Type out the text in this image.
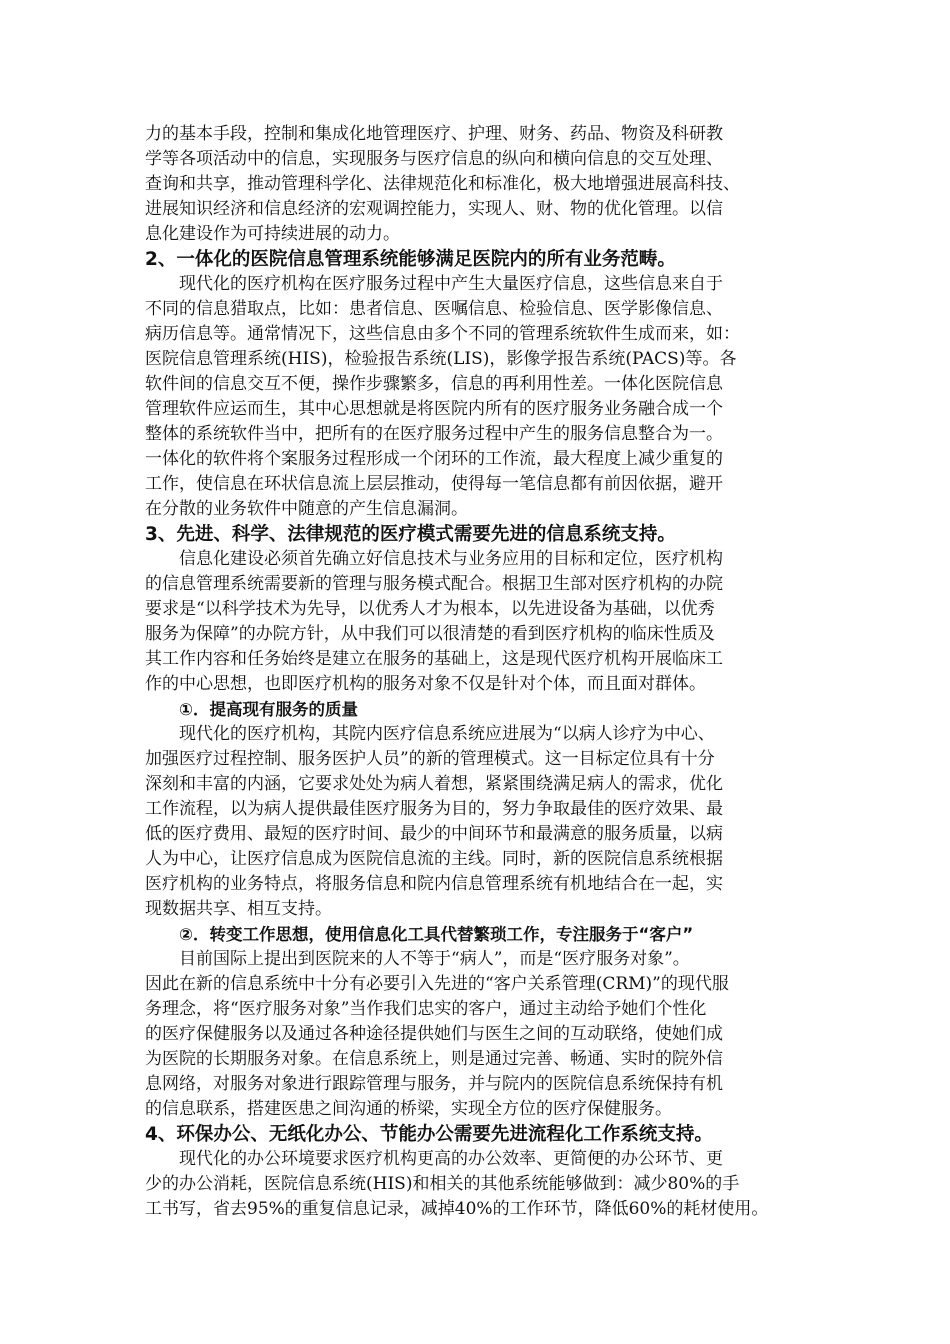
力的基本手段，控制和集成化地管理医疗、护理、财务、药品、物资及科研教
学等各项活动中的信息，实现服务与医疗信息的纵向和横向信息的交互处理、
查询和共享，推动管理科学化、法律规范化和标准化，极大地增强进展高科技、
进展知识经济和信息经济的宏观调控能力，实现人、财、物的优化管理。以信
息化建设作为可持续进展的动力。
2、一体化的医院信息管理系统能够满足医院内的所有业务范畴。
现代化的医疗机构在医疗服务过程中产生大量医疗信息，这些信息来自于
不同的信息猎取点，比如：患者信息、医嘱信息、检验信息、医学影像信息、
病历信息等。通常情况下，这些信息由多个不同的管理系统软件生成而来，如：
医院信息管理系统(HIS)，检验报告系统(LIS)，影像学报告系统(PACS)等。各
软件间的信息交互不便，操作步骤繁多，信息的再利用性差。一体化医院信息
管理软件应运而生，其中心思想就是将医院内所有的医疗服务业务融合成一个
整体的系统软件当中，把所有的在医疗服务过程中产生的服务信息整合为一。
一体化的软件将个案服务过程形成一个闭环的工作流，最大程度上减少重复的
工作，使信息在环状信息流上层层推动，使得每一笔信息都有前因依据，避开
在分散的业务软件中随意的产生信息漏洞。
3、先进、科学、法律规范的医疗模式需要先进的信息系统支持。
信息化建设必须首先确立好信息技术与业务应用的目标和定位，医疗机构
的信息管理系统需要新的管理与服务模式配合。根据卫生部对医疗机构的办院
要求是“以科学技术为先导，以优秀人才为根本，以先进设备为基础，以优秀
服务为保障”的办院方针，从中我们可以很清楚的看到医疗机构的临床性质及
其工作内容和任务始终是建立在服务的基础上，这是现代医疗机构开展临床工
作的中心思想，也即医疗机构的服务对象不仅是针对个体，而且面对群体。
①．提高现有服务的质量
现代化的医疗机构，其院内医疗信息系统应进展为“以病人诊疗为中心、
加强医疗过程控制、服务医护人员”的新的管理模式。这一目标定位具有十分
深刻和丰富的内涵，它要求处处为病人着想，紧紧围绕满足病人的需求，优化
工作流程，以为病人提供最佳医疗服务为目的，努力争取最佳的医疗效果、最
低的医疗费用、最短的医疗时间、最少的中间环节和最满意的服务质量，以病
人为中心，让医疗信息成为医院信息流的主线。同时，新的医院信息系统根据
医疗机构的业务特点，将服务信息和院内信息管理系统有机地结合在一起，实
现数据共享、相互支持。
②．转变工作思想，使用信息化工具代替繁琐工作，专注服务于“客户”
目前国际上提出到医院来的人不等于“病人”，而是“医疗服务对象”。
因此在新的信息系统中十分有必要引入先进的“客户关系管理(CRM)”的现代服
务理念，将“医疗服务对象”当作我们忠实的客户，通过主动给予她们个性化
的医疗保健服务以及通过各种途径提供她们与医生之间的互动联络，使她们成
为医院的长期服务对象。在信息系统上，则是通过完善、畅通、实时的院外信
息网络，对服务对象进行跟踪管理与服务，并与院内的医院信息系统保持有机
的信息联系，搭建医患之间沟通的桥梁，实现全方位的医疗保健服务。
4、环保办公、无纸化办公、节能办公需要先进流程化工作系统支持。
现代化的办公环境要求医疗机构更高的办公效率、更简便的办公环节、更
少的办公消耗，医院信息系统(HIS)和相关的其他系统能够做到：减少80%的手
工书写，省去95%的重复信息记录，减掉40%的工作环节，降低60%的耗材使用。
